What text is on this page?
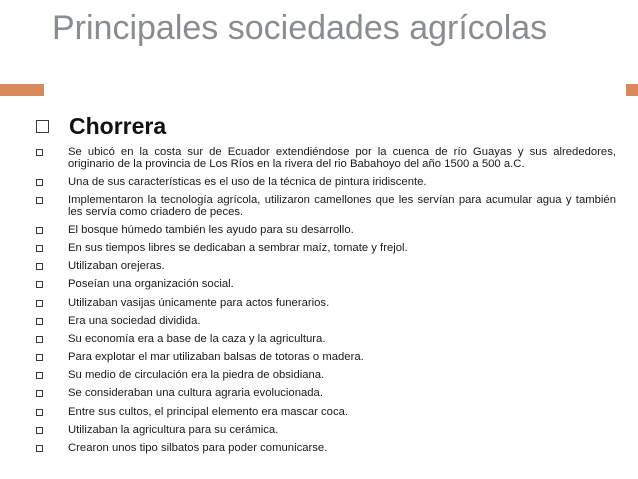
Principales sociedades agrícolas
Chorrera
Se ubicó en la costa sur de Ecuador extendiéndose por la cuenca de río Guayas y sus alrededores, originario de la provincia de Los Ríos en la rivera del rio Babahoyo del año 1500 a 500 a.C.
Una de sus características es el uso de la técnica de pintura iridiscente.
Implementaron la tecnología agrícola, utilizaron camellones que les servían para acumular agua y también les servía como criadero de peces.
El bosque húmedo también les ayudo para su desarrollo.
En sus tiempos libres se dedicaban a sembrar maíz, tomate y frejol.
Utilizaban orejeras.
Poseían una organización social.
Utilizaban vasijas únicamente para actos funerarios.
Era una sociedad dividida.
Su economía era a base de la caza y la agricultura.
Para explotar el mar utilizaban balsas de totoras o madera.
Su medio de circulación era la piedra de obsidiana.
Se consideraban una cultura agraria evolucionada.
Entre sus cultos, el principal elemento era mascar coca.
Utilizaban la agricultura para su cerámica.
Crearon unos tipo silbatos para poder comunicarse.
